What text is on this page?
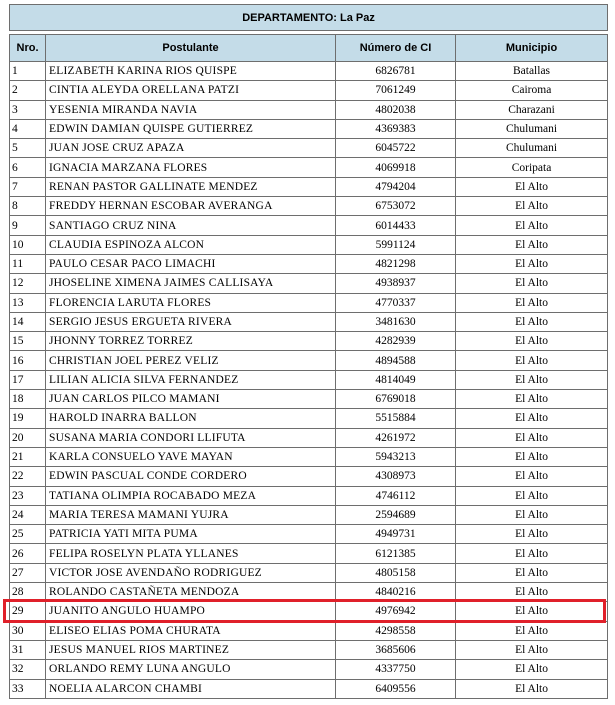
DEPARTAMENTO: La Paz			

Nro.	Postulante	Número de CI	Municipio
1	ELIZABETH KARINA RIOS QUISPE	6826781	Batallas
2	CINTIA ALEYDA ORELLANA PATZI	7061249	Cairoma
3	YESENIA MIRANDA NAVIA	4802038	Charazani
4	EDWIN DAMIAN QUISPE GUTIERREZ	4369383	Chulumani
5	JUAN JOSE CRUZ APAZA	6045722	Chulumani
6	IGNACIA MARZANA FLORES	4069918	Coripata
7	RENAN PASTOR GALLINATE MENDEZ	4794204	El Alto
8	FREDDY HERNAN ESCOBAR AVERANGA	6753072	El Alto
9	SANTIAGO CRUZ NINA	6014433	El Alto
10	CLAUDIA ESPINOZA ALCON	5991124	El Alto
11	PAULO CESAR PACO LIMACHI	4821298	El Alto
12	JHOSELINE XIMENA JAIMES CALLISAYA	4938937	El Alto
13	FLORENCIA LARUTA FLORES	4770337	El Alto
14	SERGIO JESUS ERGUETA RIVERA	3481630	El Alto
15	JHONNY TORREZ TORREZ	4282939	El Alto
16	CHRISTIAN JOEL PEREZ VELIZ	4894588	El Alto
17	LILIAN ALICIA SILVA FERNANDEZ	4814049	El Alto
18	JUAN CARLOS PILCO MAMANI	6769018	El Alto
19	HAROLD INARRA BALLON	5515884	El Alto
20	SUSANA MARIA CONDORI LLIFUTA	4261972	El Alto
21	KARLA CONSUELO YAVE MAYAN	5943213	El Alto
22	EDWIN PASCUAL CONDE CORDERO	4308973	El Alto
23	TATIANA OLIMPIA ROCABADO MEZA	4746112	El Alto
24	MARIA TERESA MAMANI YUJRA	2594689	El Alto
25	PATRICIA YATI MITA PUMA	4949731	El Alto
26	FELIPA ROSELYN PLATA YLLANES	6121385	El Alto
27	VICTOR JOSE AVENDAÑO RODRIGUEZ	4805158	El Alto
28	ROLANDO CASTAÑETA MENDOZA	4840216	El Alto
29	JUANITO ANGULO HUAMPO	4976942	El Alto
30	ELISEO ELIAS POMA CHURATA	4298558	El Alto
31	JESUS MANUEL RIOS MARTINEZ	3685606	El Alto
32	ORLANDO REMY LUNA ANGULO	4337750	El Alto
33	NOELIA ALARCON CHAMBI	6409556	El Alto
